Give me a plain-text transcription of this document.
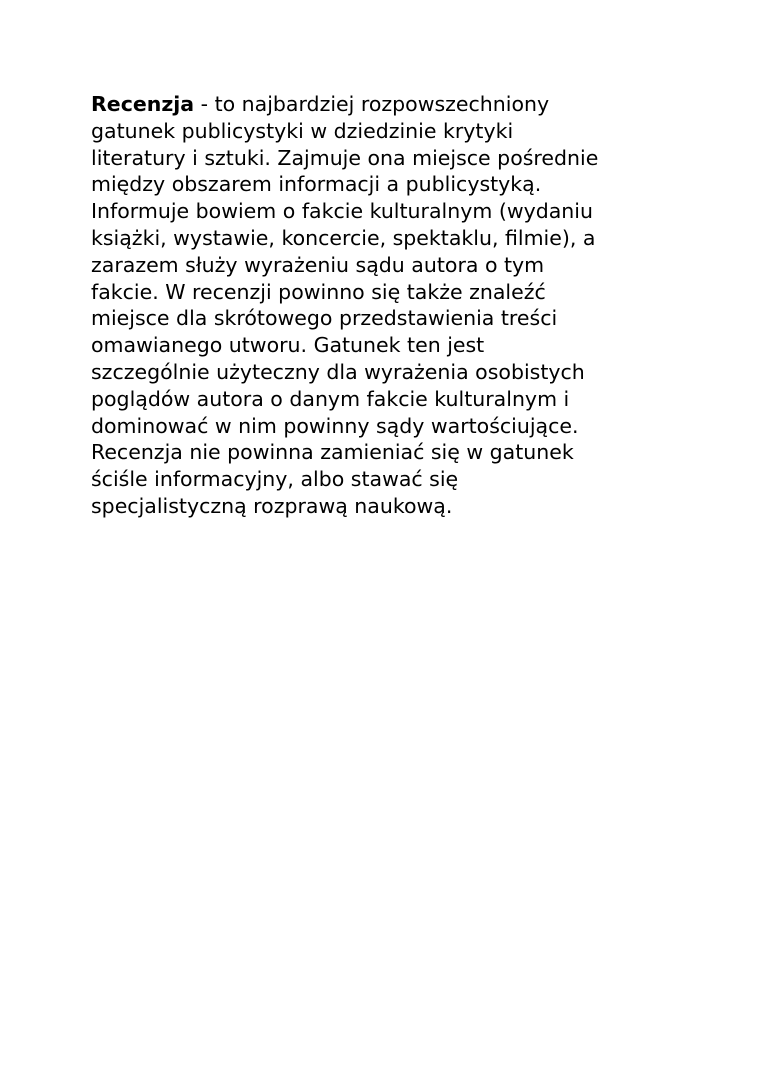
Recenzja - to najbardziej rozpowszechniony
gatunek publicystyki w dziedzinie krytyki
literatury i sztuki. Zajmuje ona miejsce pośrednie
między obszarem informacji a publicystyką.
Informuje bowiem o fakcie kulturalnym (wydaniu
książki, wystawie, koncercie, spektaklu, filmie), a
zarazem służy wyrażeniu sądu autora o tym
fakcie. W recenzji powinno się także znaleźć
miejsce dla skrótowego przedstawienia treści
omawianego utworu. Gatunek ten jest
szczególnie użyteczny dla wyrażenia osobistych
poglądów autora o danym fakcie kulturalnym i
dominować w nim powinny sądy wartościujące.
Recenzja nie powinna zamieniać się w gatunek
ściśle informacyjny, albo stawać się
specjalistyczną rozprawą naukową.
